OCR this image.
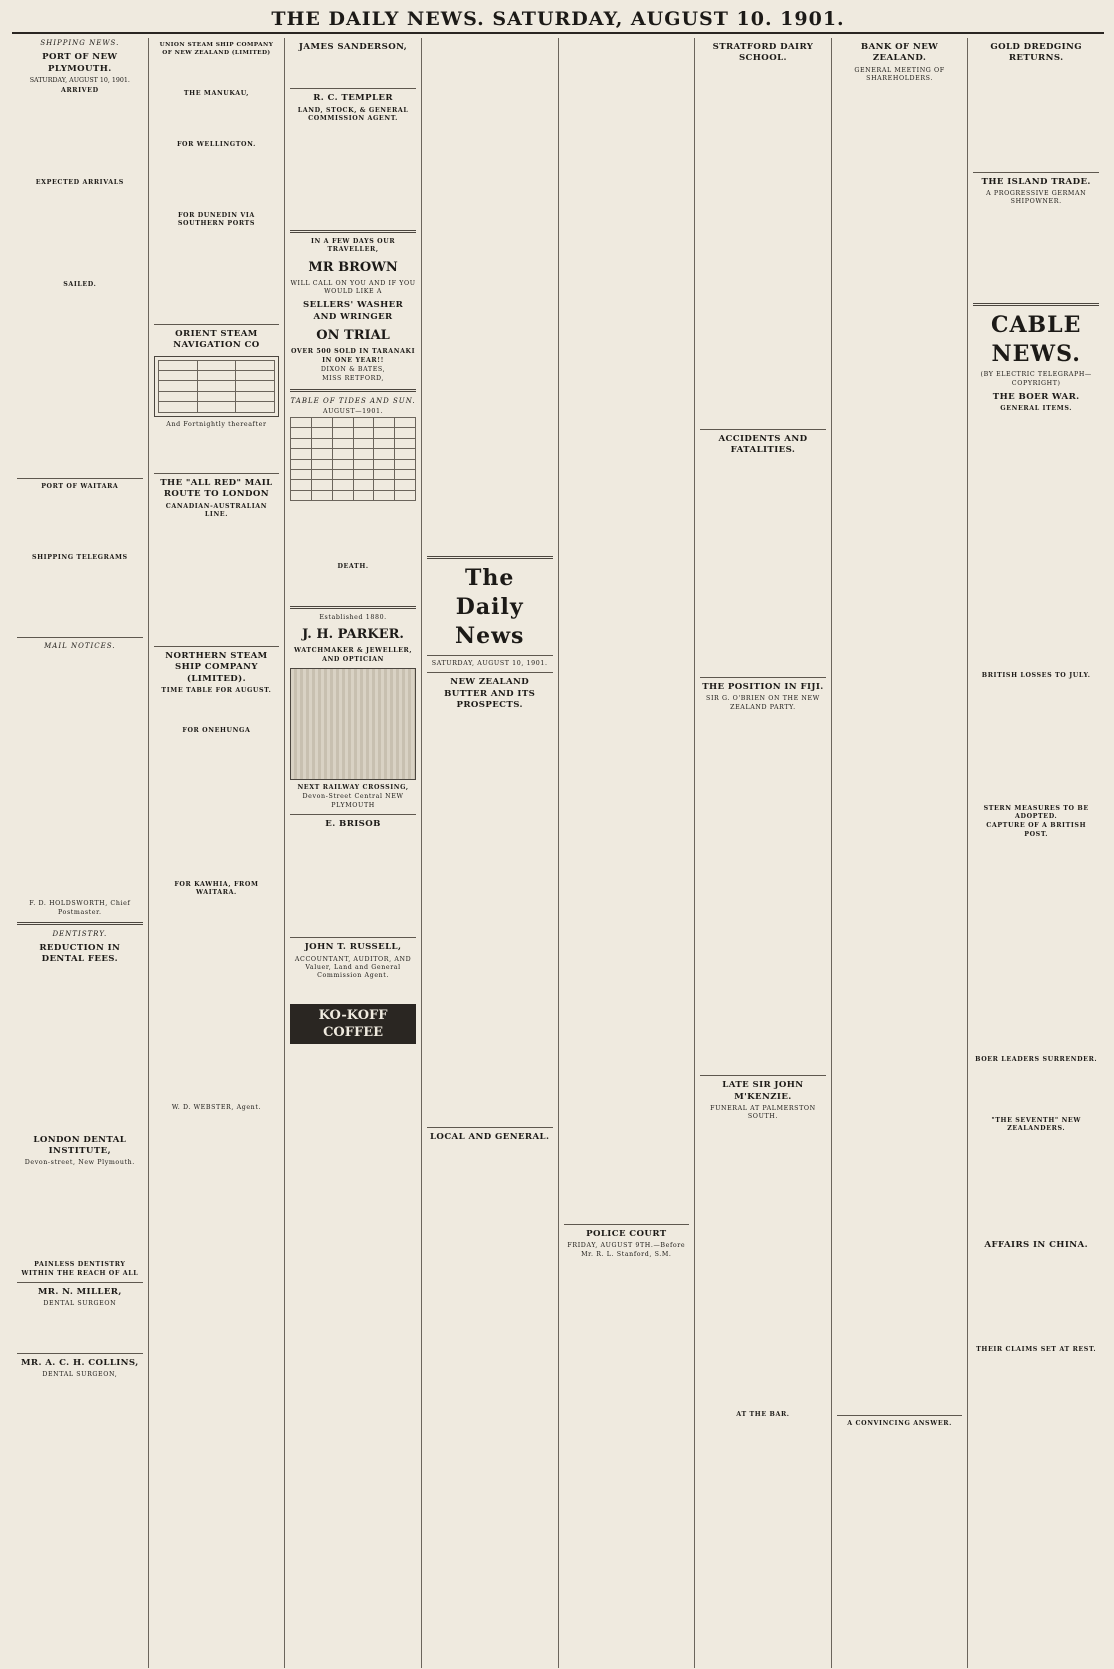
THE DAILY NEWS. SATURDAY, AUGUST 10. 1901.
SHIPPING NEWS.
PORT OF NEW PLYMOUTH.
SATURDAY, AUGUST 10, 1901.
ARRIVED

EXPECTED ARRIVALS

SAILED.

PORT OF WAITARA

SHIPPING TELEGRAMS

MAIL NOTICES.

F. D. HOLDSWORTH, Chief Postmaster.
DENTISTRY.
REDUCTION IN DENTAL FEES.

LONDON DENTAL INSTITUTE,
Devon-street, New Plymouth.

PAINLESS DENTISTRY WITHIN THE REACH OF ALL
MR. N. MILLER,
DENTAL SURGEON

MR. A. C. H. COLLINS,
DENTAL SURGEON,

UNION STEAM SHIP COMPANY OF NEW ZEALAND (LIMITED)

THE MANUKAU,

FOR WELLINGTON.

FOR DUNEDIN VIA SOUTHERN PORTS

ORIENT STEAM NAVIGATION CO

And Fortnightly thereafter

THE "ALL RED" MAIL ROUTE TO LONDON
CANADIAN-AUSTRALIAN LINE.

NORTHERN STEAM SHIP COMPANY (LIMITED).
TIME TABLE FOR AUGUST.

FOR ONEHUNGA

FOR KAWHIA, FROM WAITARA.

W. D. WEBSTER, Agent.

JAMES SANDERSON,

R. C. TEMPLER
LAND, STOCK, & GENERAL COMMISSION AGENT.

IN A FEW DAYS OUR TRAVELLER,
MR BROWN
WILL CALL ON YOU AND IF YOU WOULD LIKE A
SELLERS' WASHER AND WRINGER
ON TRIAL
OVER 500 SOLD IN TARANAKI IN ONE YEAR!!
DIXON & BATES,
MISS RETFORD,
TABLE OF TIDES AND SUN.
AUGUST—1901.

DEATH.

Established 1880.
J. H. PARKER.
WATCHMAKER & JEWELLER, AND OPTICIAN
NEXT RAILWAY CROSSING,
Devon-Street Central NEW PLYMOUTH
E. BRISOB

JOHN T. RUSSELL,
ACCOUNTANT, AUDITOR, AND Valuer, Land and General Commission Agent.

KO-KOFF COFFEE

The Daily News
SATURDAY, AUGUST 10, 1901.
NEW ZEALAND BUTTER AND ITS PROSPECTS.

LOCAL AND GENERAL.

POLICE COURT
FRIDAY, AUGUST 9TH.—Before Mr. R. L. Stanford, S.M.

STRATFORD DAIRY SCHOOL.

ACCIDENTS AND FATALITIES.

THE POSITION IN FIJI.
SIR G. O'BRIEN ON THE NEW ZEALAND PARTY.

LATE SIR JOHN M'KENZIE.
FUNERAL AT PALMERSTON SOUTH.

AT THE BAR.

BANK OF NEW ZEALAND.
GENERAL MEETING OF SHAREHOLDERS.

A CONVINCING ANSWER.

GOLD DREDGING RETURNS.

THE ISLAND TRADE.
A PROGRESSIVE GERMAN SHIPOWNER.

CABLE NEWS.
(BY ELECTRIC TELEGRAPH—COPYRIGHT)
THE BOER WAR.
GENERAL ITEMS.

BRITISH LOSSES TO JULY.

STERN MEASURES TO BE ADOPTED.
CAPTURE OF A BRITISH POST.

BOER LEADERS SURRENDER.

"THE SEVENTH" NEW ZEALANDERS.

AFFAIRS IN CHINA.

THEIR CLAIMS SET AT REST.
